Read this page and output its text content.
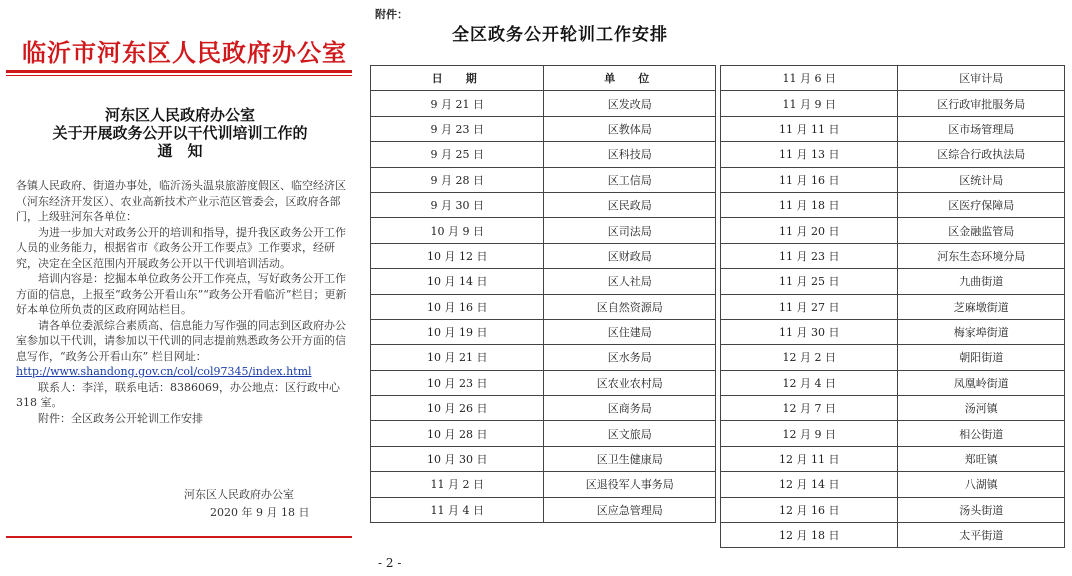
临沂市河东区人民政府办公室
河东区人民政府办公室
关于开展政务公开以干代训培训工作的
通　知

各镇人民政府、街道办事处，临沂汤头温泉旅游度假区、临空经济区（河东经济开发区）、农业高新技术产业示范区管委会，区政府各部门，上级驻河东各单位：

为进一步加大对政务公开的培训和指导，提升我区政务公开工作人员的业务能力，根据省市《政务公开工作要点》工作要求，经研究，决定在全区范围内开展政务公开以干代训培训活动。

培训内容是：挖掘本单位政务公开工作亮点，写好政务公开工作方面的信息，上报至“政务公开看山东”“政务公开看临沂”栏目；更新好本单位所负责的区政府网站栏目。

请各单位委派综合素质高、信息能力写作强的同志到区政府办公室参加以干代训，请参加以干代训的同志提前熟悉政务公开方面的信息写作，“政务公开看山东” 栏目网址：

http://www.shandong.gov.cn/col/col97345/index.html

联系人：李洋，联系电话：8386069，办公地点：区行政中心 318 室。

附件：全区政务公开轮训工作安排

河东区人民政府办公室
2020 年 9 月 18 日
附件：
全区政务公开轮训工作安排
日　期	单　位
9 月 21 日	区发改局
9 月 23 日	区教体局
9 月 25 日	区科技局
9 月 28 日	区工信局
9 月 30 日	区民政局
10 月 9 日	区司法局
10 月 12 日	区财政局
10 月 14 日	区人社局
10 月 16 日	区自然资源局
10 月 19 日	区住建局
10 月 21 日	区水务局
10 月 23 日	区农业农村局
10 月 26 日	区商务局
10 月 28 日	区文旅局
10 月 30 日	区卫生健康局
11 月 2 日	区退役军人事务局
11 月 4 日	区应急管理局
11 月 6 日	区审计局
11 月 9 日	区行政审批服务局
11 月 11 日	区市场管理局
11 月 13 日	区综合行政执法局
11 月 16 日	区统计局
11 月 18 日	区医疗保障局
11 月 20 日	区金融监管局
11 月 23 日	河东生态环境分局
11 月 25 日	九曲街道
11 月 27 日	芝麻墩街道
11 月 30 日	梅家埠街道
12 月 2 日	朝阳街道
12 月 4 日	凤凰岭街道
12 月 7 日	汤河镇
12 月 9 日	相公街道
12 月 11 日	郑旺镇
12 月 14 日	八湖镇
12 月 16 日	汤头街道
12 月 18 日	太平街道
- 2 -
